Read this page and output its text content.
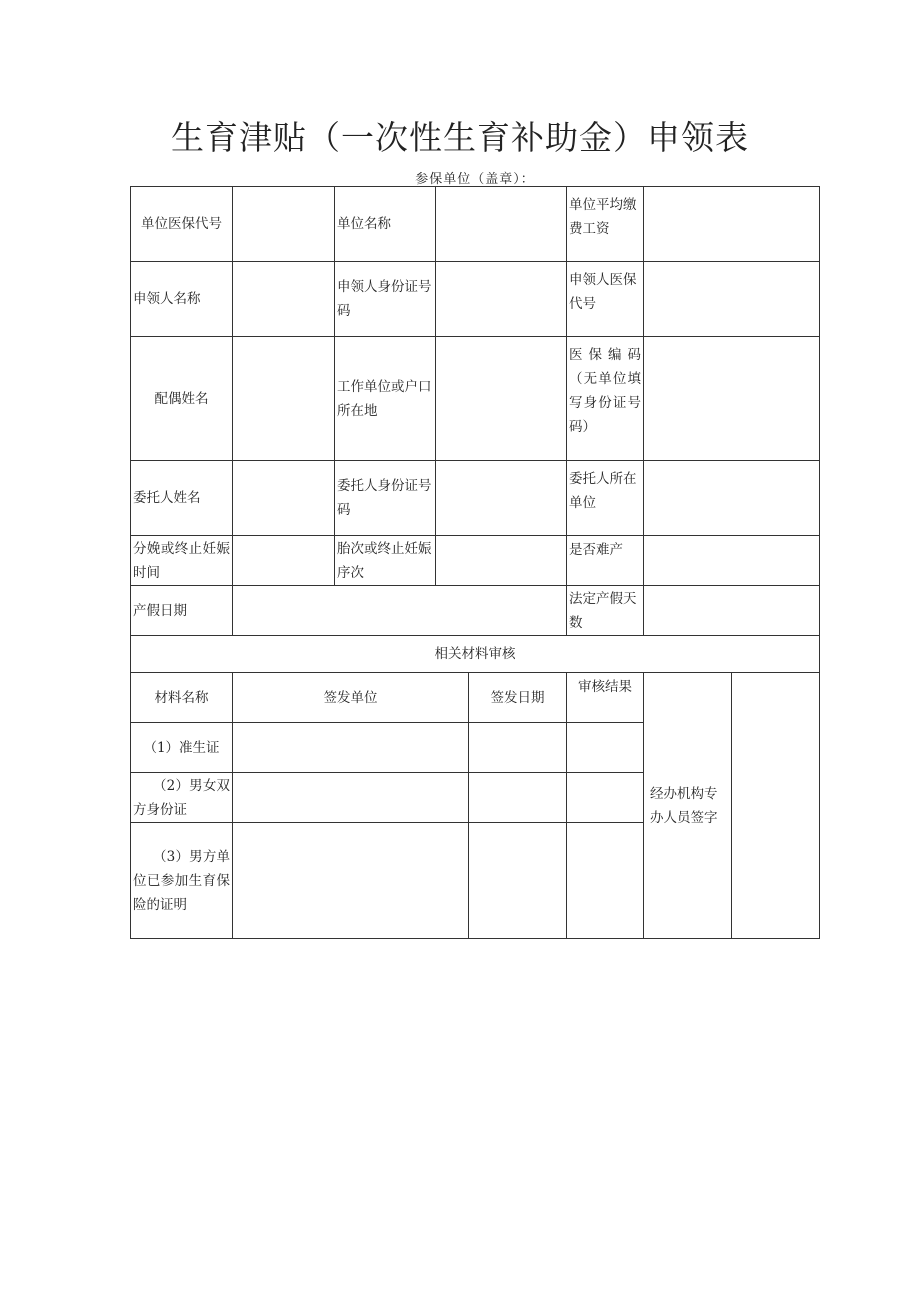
生育津贴（一次性生育补助金）申领表
参保单位（盖章）：
单位医保代号		单位名称			单位平均缴费工资		
申领人名称		申领人身份证号码			申领人医保代号		
配偶姓名		工作单位或户口所在地			医保编码（无单位填写身份证号码）		
委托人姓名		委托人身份证号码			委托人所在单位		
分娩或终止妊娠时间		胎次或终止妊娠序次			是否难产		
产假日期					法定产假天数		
相关材料审核							
材料名称	签发单位			签发日期	审核结果	经办机构专办人员签字	
（1）准生证							
（2）男女双方身份证							
（3）男方单位已参加生育保险的证明							
